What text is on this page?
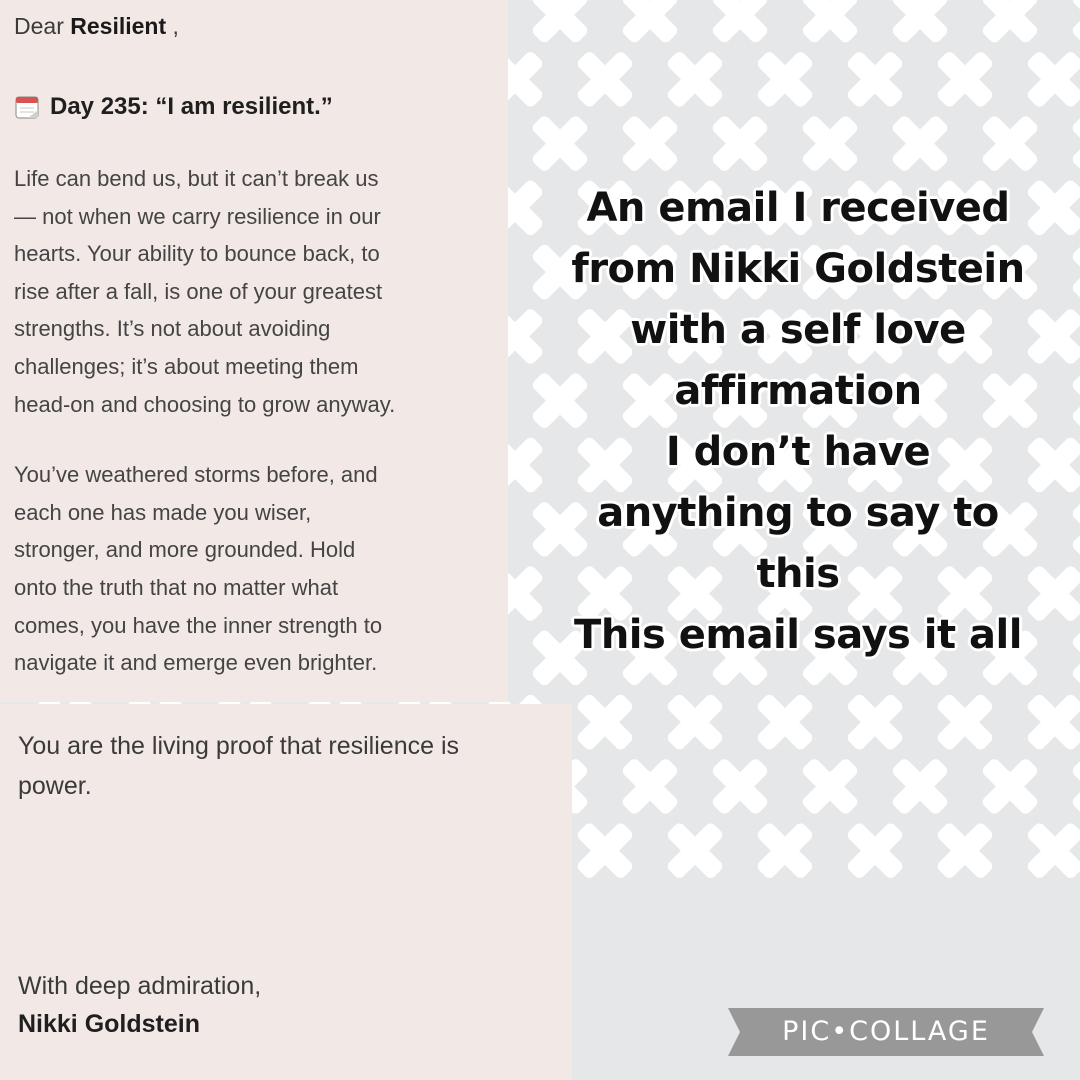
Dear Resilient ,

Day 235: “I am resilient.”

Life can bend us, but it can’t break us
— not when we carry resilience in our
hearts. Your ability to bounce back, to
rise after a fall, is one of your greatest
strengths. It’s not about avoiding
challenges; it’s about meeting them
head-on and choosing to grow anyway.

You’ve weathered storms before, and
each one has made you wiser,
stronger, and more grounded. Hold
onto the truth that no matter what
comes, you have the inner strength to
navigate it and emerge even brighter.

You are the living proof that resilience is
power.

With deep admiration,
Nikki Goldstein
An email I received
from Nikki Goldstein
with a self love
affirmation
I don’t have
anything to say to
this
This email says it all
PIC•COLLAGE
